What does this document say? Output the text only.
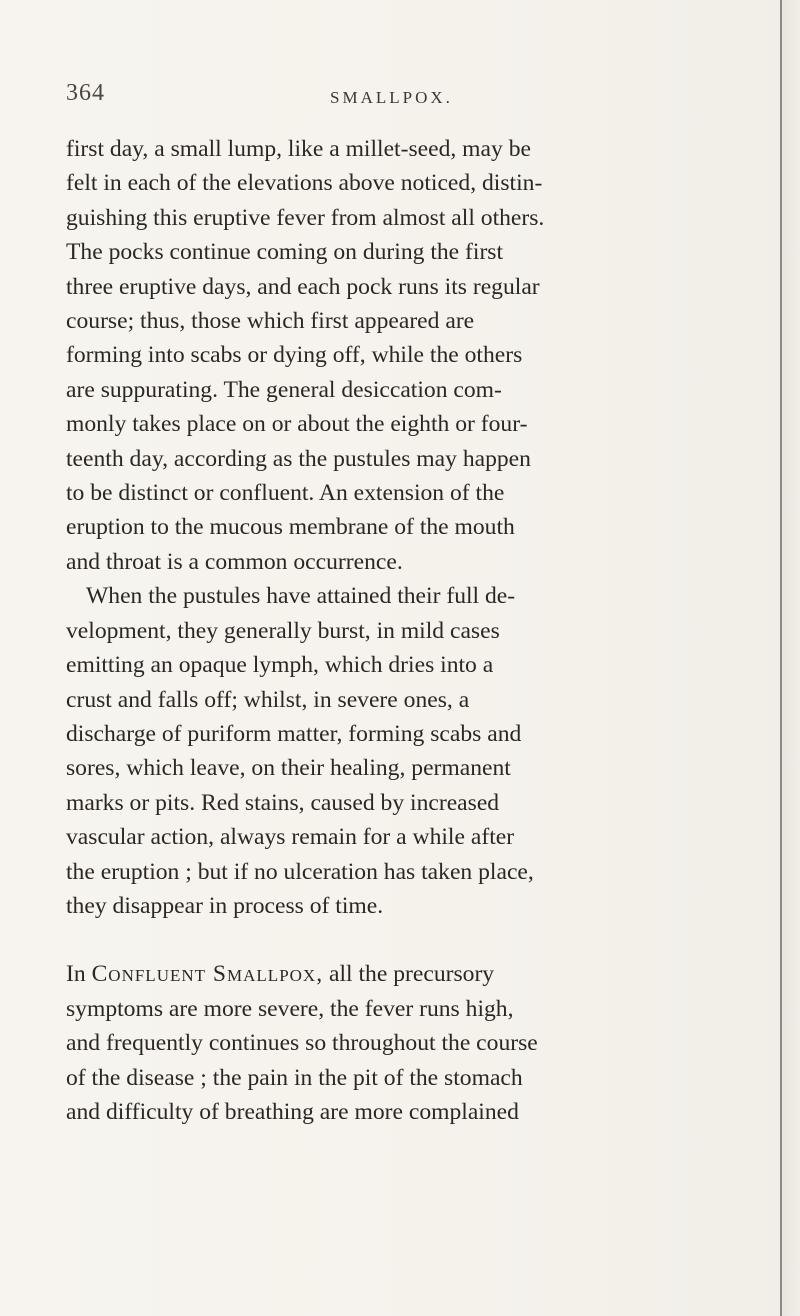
364	SMALLPOX.
first day, a small lump, like a millet-seed, may be
felt in each of the elevations above noticed, distin-
guishing this eruptive fever from almost all others.
The pocks continue coming on during the first
three eruptive days, and each pock runs its regular
course; thus, those which first appeared are
forming into scabs or dying off, while the others
are suppurating. The general desiccation com-
monly takes place on or about the eighth or four-
teenth day, according as the pustules may happen
to be distinct or confluent. An extension of the
eruption to the mucous membrane of the mouth
and throat is a common occurrence.
When the pustules have attained their full de-
velopment, they generally burst, in mild cases
emitting an opaque lymph, which dries into a
crust and falls off; whilst, in severe ones, a
discharge of puriform matter, forming scabs and
sores, which leave, on their healing, permanent
marks or pits. Red stains, caused by increased
vascular action, always remain for a while after
the eruption ; but if no ulceration has taken place,
they disappear in process of time.
In Confluent Smallpox, all the precursory
symptoms are more severe, the fever runs high,
and frequently continues so throughout the course
of the disease ; the pain in the pit of the stomach
and difficulty of breathing are more complained
